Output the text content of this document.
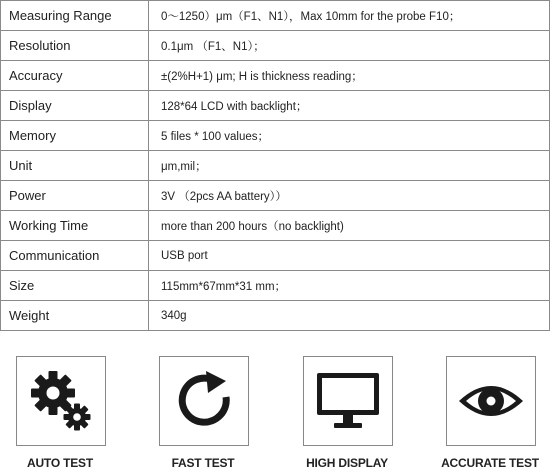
Measuring Range	0～1250）μm（F1、N1），Max 10mm for the probe F10；
Resolution	0.1μm （F1、N1）；
Accuracy	±(2%H+1) μm; H is thickness reading；
Display	128*64 LCD with backlight；
Memory	5 files * 100 values；
Unit	μm,mil；
Power	3V （2pcs AA battery））
Working Time	more than 200 hours（no backlight)
Communication	USB port
Size	115mm*67mm*31 mm；
Weight	340g
AUTO TEST	FAST TEST	HIGH DISPLAY	ACCURATE TEST
